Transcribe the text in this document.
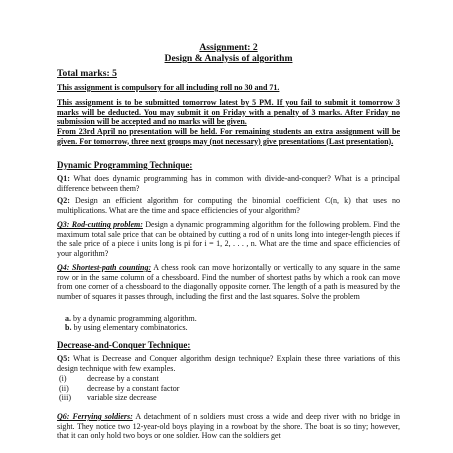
Assignment: 2

Design & Analysis of algorithm

Total marks: 5

This assignment is compulsory for all including roll no 30 and 71.

This assignment is to be submitted tomorrow latest by 5 PM. If you fail to submit it tomorrow 3 marks will be deducted. You may submit it on Friday with a penalty of 3 marks. After Friday no submission will be accepted and no marks will be given.

From 23rd April no presentation will be held. For remaining students an extra assignment will be given. For tomorrow, three next groups may (not necessary) give presentations (Last presentation).

Dynamic Programming Technique:

Q1: What does dynamic programming has in common with divide-and-conquer? What is a principal difference between them?

Q2: Design an efficient algorithm for computing the binomial coefficient C(n, k) that uses no multiplications. What are the time and space efficiencies of your algorithm?

Q3: Rod-cutting problem: Design a dynamic programming algorithm for the following problem. Find the maximum total sale price that can be obtained by cutting a rod of n units long into integer-length pieces if the sale price of a piece i units long is pi for i = 1, 2, . . . , n. What are the time and space efficiencies of your algorithm?

Q4: Shortest-path counting: A chess rook can move horizontally or vertically to any square in the same row or in the same column of a chessboard. Find the number of shortest paths by which a rook can move from one corner of a chessboard to the diagonally opposite corner. The length of a path is measured by the number of squares it passes through, including the first and the last squares. Solve the problem

a. by a dynamic programming algorithm.

b. by using elementary combinatorics.

Decrease-and-Conquer Technique:

Q5: What is Decrease and Conquer algorithm design technique? Explain these three variations of this design technique with few examples.

(i)	decrease by a constant
(ii) decrease by a constant factor
(iii) variable size decrease

Q6: Ferrying soldiers: A detachment of n soldiers must cross a wide and deep river with no bridge in sight. They notice two 12-year-old boys playing in a rowboat by the shore. The boat is so tiny; however, that it can only hold two boys or one soldier. How can the soldiers get
